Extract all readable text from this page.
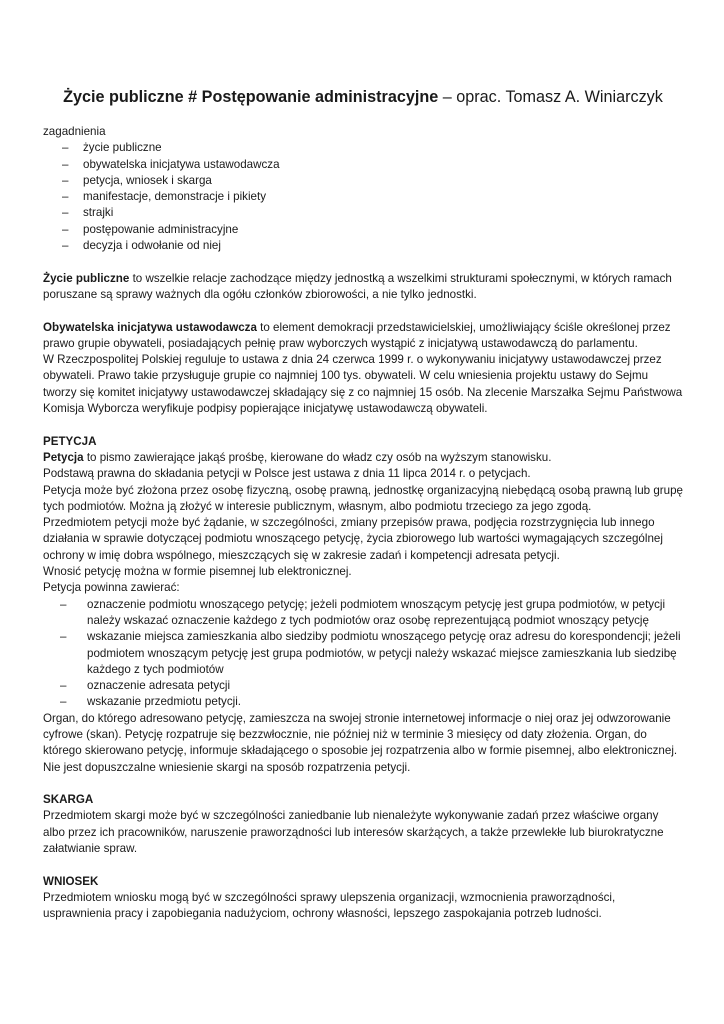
Życie publiczne # Postępowanie administracyjne – oprac. Tomasz A. Winiarczyk

zagadnienia

– życie publiczne
– obywatelska inicjatywa ustawodawcza
– petycja, wniosek i skarga
– manifestacje, demonstracje i pikiety
– strajki
– postępowanie administracyjne
– decyzja i odwołanie od niej

Życie publiczne to wszelkie relacje zachodzące między jednostką a wszelkimi strukturami społecznymi, w których ramach poruszane są sprawy ważnych dla ogółu członków zbiorowości, a nie tylko jednostki.

Obywatelska inicjatywa ustawodawcza to element demokracji przedstawicielskiej, umożliwiający ściśle określonej przez prawo grupie obywateli, posiadających pełnię praw wyborczych wystąpić z inicjatywą ustawodawczą do parlamentu.

W Rzeczpospolitej Polskiej reguluje to ustawa z dnia 24 czerwca 1999 r. o wykonywaniu inicjatywy ustawodawczej przez obywateli. Prawo takie przysługuje grupie co najmniej 100 tys. obywateli. W celu wniesienia projektu ustawy do Sejmu tworzy się komitet inicjatywy ustawodawczej składający się z co najmniej 15 osób. Na zlecenie Marszałka Sejmu Państwowa Komisja Wyborcza weryfikuje podpisy popierające inicjatywę ustawodawczą obywateli.

PETYCJA

Petycja to pismo zawierające jakąś prośbę, kierowane do władz czy osób na wyższym stanowisku.

Podstawą prawna do składania petycji w Polsce jest ustawa z dnia 11 lipca 2014 r. o petycjach.

Petycja może być złożona przez osobę fizyczną, osobę prawną, jednostkę organizacyjną niebędącą osobą prawną lub grupę tych podmiotów. Można ją złożyć w interesie publicznym, własnym, albo podmiotu trzeciego za jego zgodą.

Przedmiotem petycji może być żądanie, w szczególności, zmiany przepisów prawa, podjęcia rozstrzygnięcia lub innego działania w sprawie dotyczącej podmiotu wnoszącego petycję, życia zbiorowego lub wartości wymagających szczególnej ochrony w imię dobra wspólnego, mieszczących się w zakresie zadań i kompetencji adresata petycji.

Wnosić petycję można w formie pisemnej lub elektronicznej.

Petycja powinna zawierać:

– oznaczenie podmiotu wnoszącego petycję; jeżeli podmiotem wnoszącym petycję jest grupa podmiotów, w petycji należy wskazać oznaczenie każdego z tych podmiotów oraz osobę reprezentującą podmiot wnoszący petycję
– wskazanie miejsca zamieszkania albo siedziby podmiotu wnoszącego petycję oraz adresu do korespondencji; jeżeli podmiotem wnoszącym petycję jest grupa podmiotów, w petycji należy wskazać miejsce zamieszkania lub siedzibę każdego z tych podmiotów
– oznaczenie adresata petycji
– wskazanie przedmiotu petycji.

Organ, do którego adresowano petycję, zamieszcza na swojej stronie internetowej informacje o niej oraz jej odwzorowanie cyfrowe (skan). Petycję rozpatruje się bezzwłocznie, nie później niż w terminie 3 miesięcy od daty złożenia. Organ, do którego skierowano petycję, informuje składającego o sposobie jej rozpatrzenia albo w formie pisemnej, albo elektronicznej. Nie jest dopuszczalne wniesienie skargi na sposób rozpatrzenia petycji.

SKARGA

Przedmiotem skargi może być w szczególności zaniedbanie lub nienależyte wykonywanie zadań przez właściwe organy albo przez ich pracowników, naruszenie praworządności lub interesów skarżących, a także przewlekłe lub biurokratyczne załatwianie spraw.

WNIOSEK

Przedmiotem wniosku mogą być w szczególności sprawy ulepszenia organizacji, wzmocnienia praworządności, usprawnienia pracy i zapobiegania nadużyciom, ochrony własności, lepszego zaspokajania potrzeb ludności.
